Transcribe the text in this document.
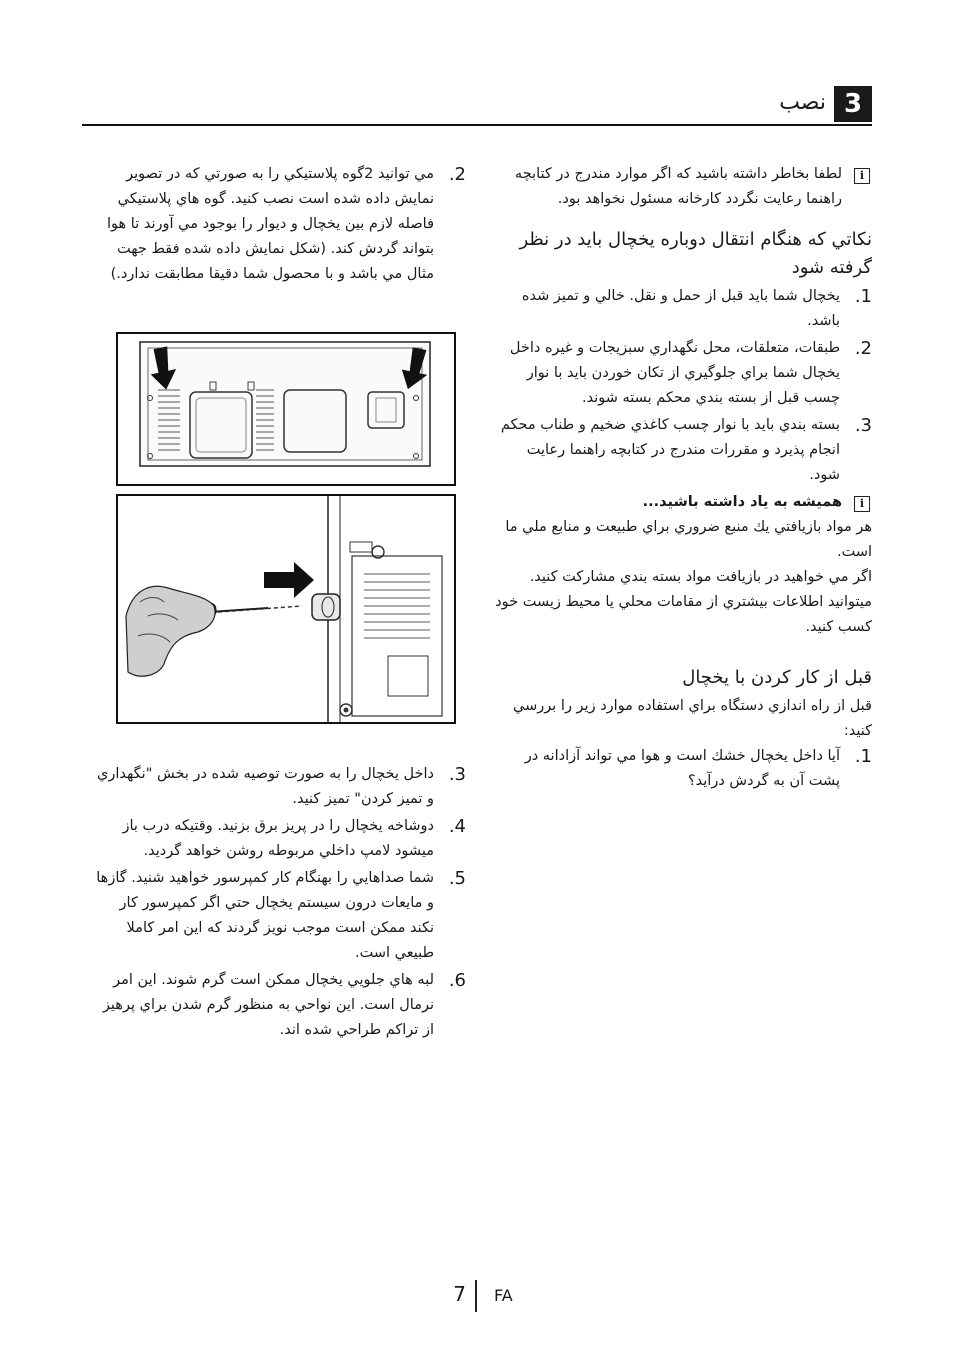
3
نصب
i

لطفا بخاطر داشته باشيد كه اگر موارد مندرج در كتابچه راهنما رعايت نگردد كارخانه مسئول نخواهد بود.

نكاتي كه هنگام انتقال دوباره يخچال بايد در نظر گرفته شود
.1

يخچال شما بايد قبل از حمل و نقل. خالي و تميز شده باشد.

.2

طبقات، متعلقات، محل نگهداري سبزيجات و غيره داخل يخچال شما براي جلوگيري از تكان خوردن بايد با نوار چسب قبل از بسته بندي محكم بسته شوند.

.3

بسته بندي بايد با نوار چسب كاغذي ضخيم و طناب محكم انجام پذيرد و مقررات مندرج در كتابچه راهنما رعايت شود.

i

هميشه به ياد داشته باشيد...

هر مواد بازيافتي يك منبع ضروري براي طبيعت و منابع ملي ما است.

اگر مي خواهيد در بازيافت مواد بسته بندي مشاركت كنيد. ميتوانيد اطلاعات بيشتري از مقامات محلي يا محيط زيست خود كسب كنيد.

قبل از كار كردن با يخچال

قبل از راه اندازي دستگاه براي استفاده موارد زير را بررسي كنيد:

.1

آيا داخل يخچال خشك است و هوا مي تواند آزادانه در پشت آن به گردش درآيد؟

.2

مي توانيد 2گوه پلاستيكي را به صورتي كه در تصوير نمايش داده شده است نصب كنيد. گوه هاي پلاستيكي فاصله لازم بين يخچال و ديوار را بوجود مي آورند تا هوا بتواند گردش كند. (شكل نمايش داده شده فقط جهت مثال مي باشد و با محصول شما دقيقا مطابقت ندارد.)

.3

داخل يخچال را به صورت توصيه شده در بخش "نگهداري و تميز كردن" تميز كنيد.

.4

دوشاخه يخچال را در پريز برق بزنيد. وقتيكه درب باز ميشود لامپ داخلي مربوطه روشن خواهد گرديد.

.5

شما صداهايي را بهنگام كار كمپرسور خواهيد شنيد. گازها و مايعات درون سيستم يخچال حتي اگر كمپرسور كار نكند ممكن است موجب نويز گردند كه اين امر كاملا طبيعي است.

.6

لبه هاي جلويي يخچال ممكن است گرم شوند. اين امر نرمال است. اين نواحي به منظور گرم شدن براي پرهيز از تراكم طراحي شده اند.

7 FA
